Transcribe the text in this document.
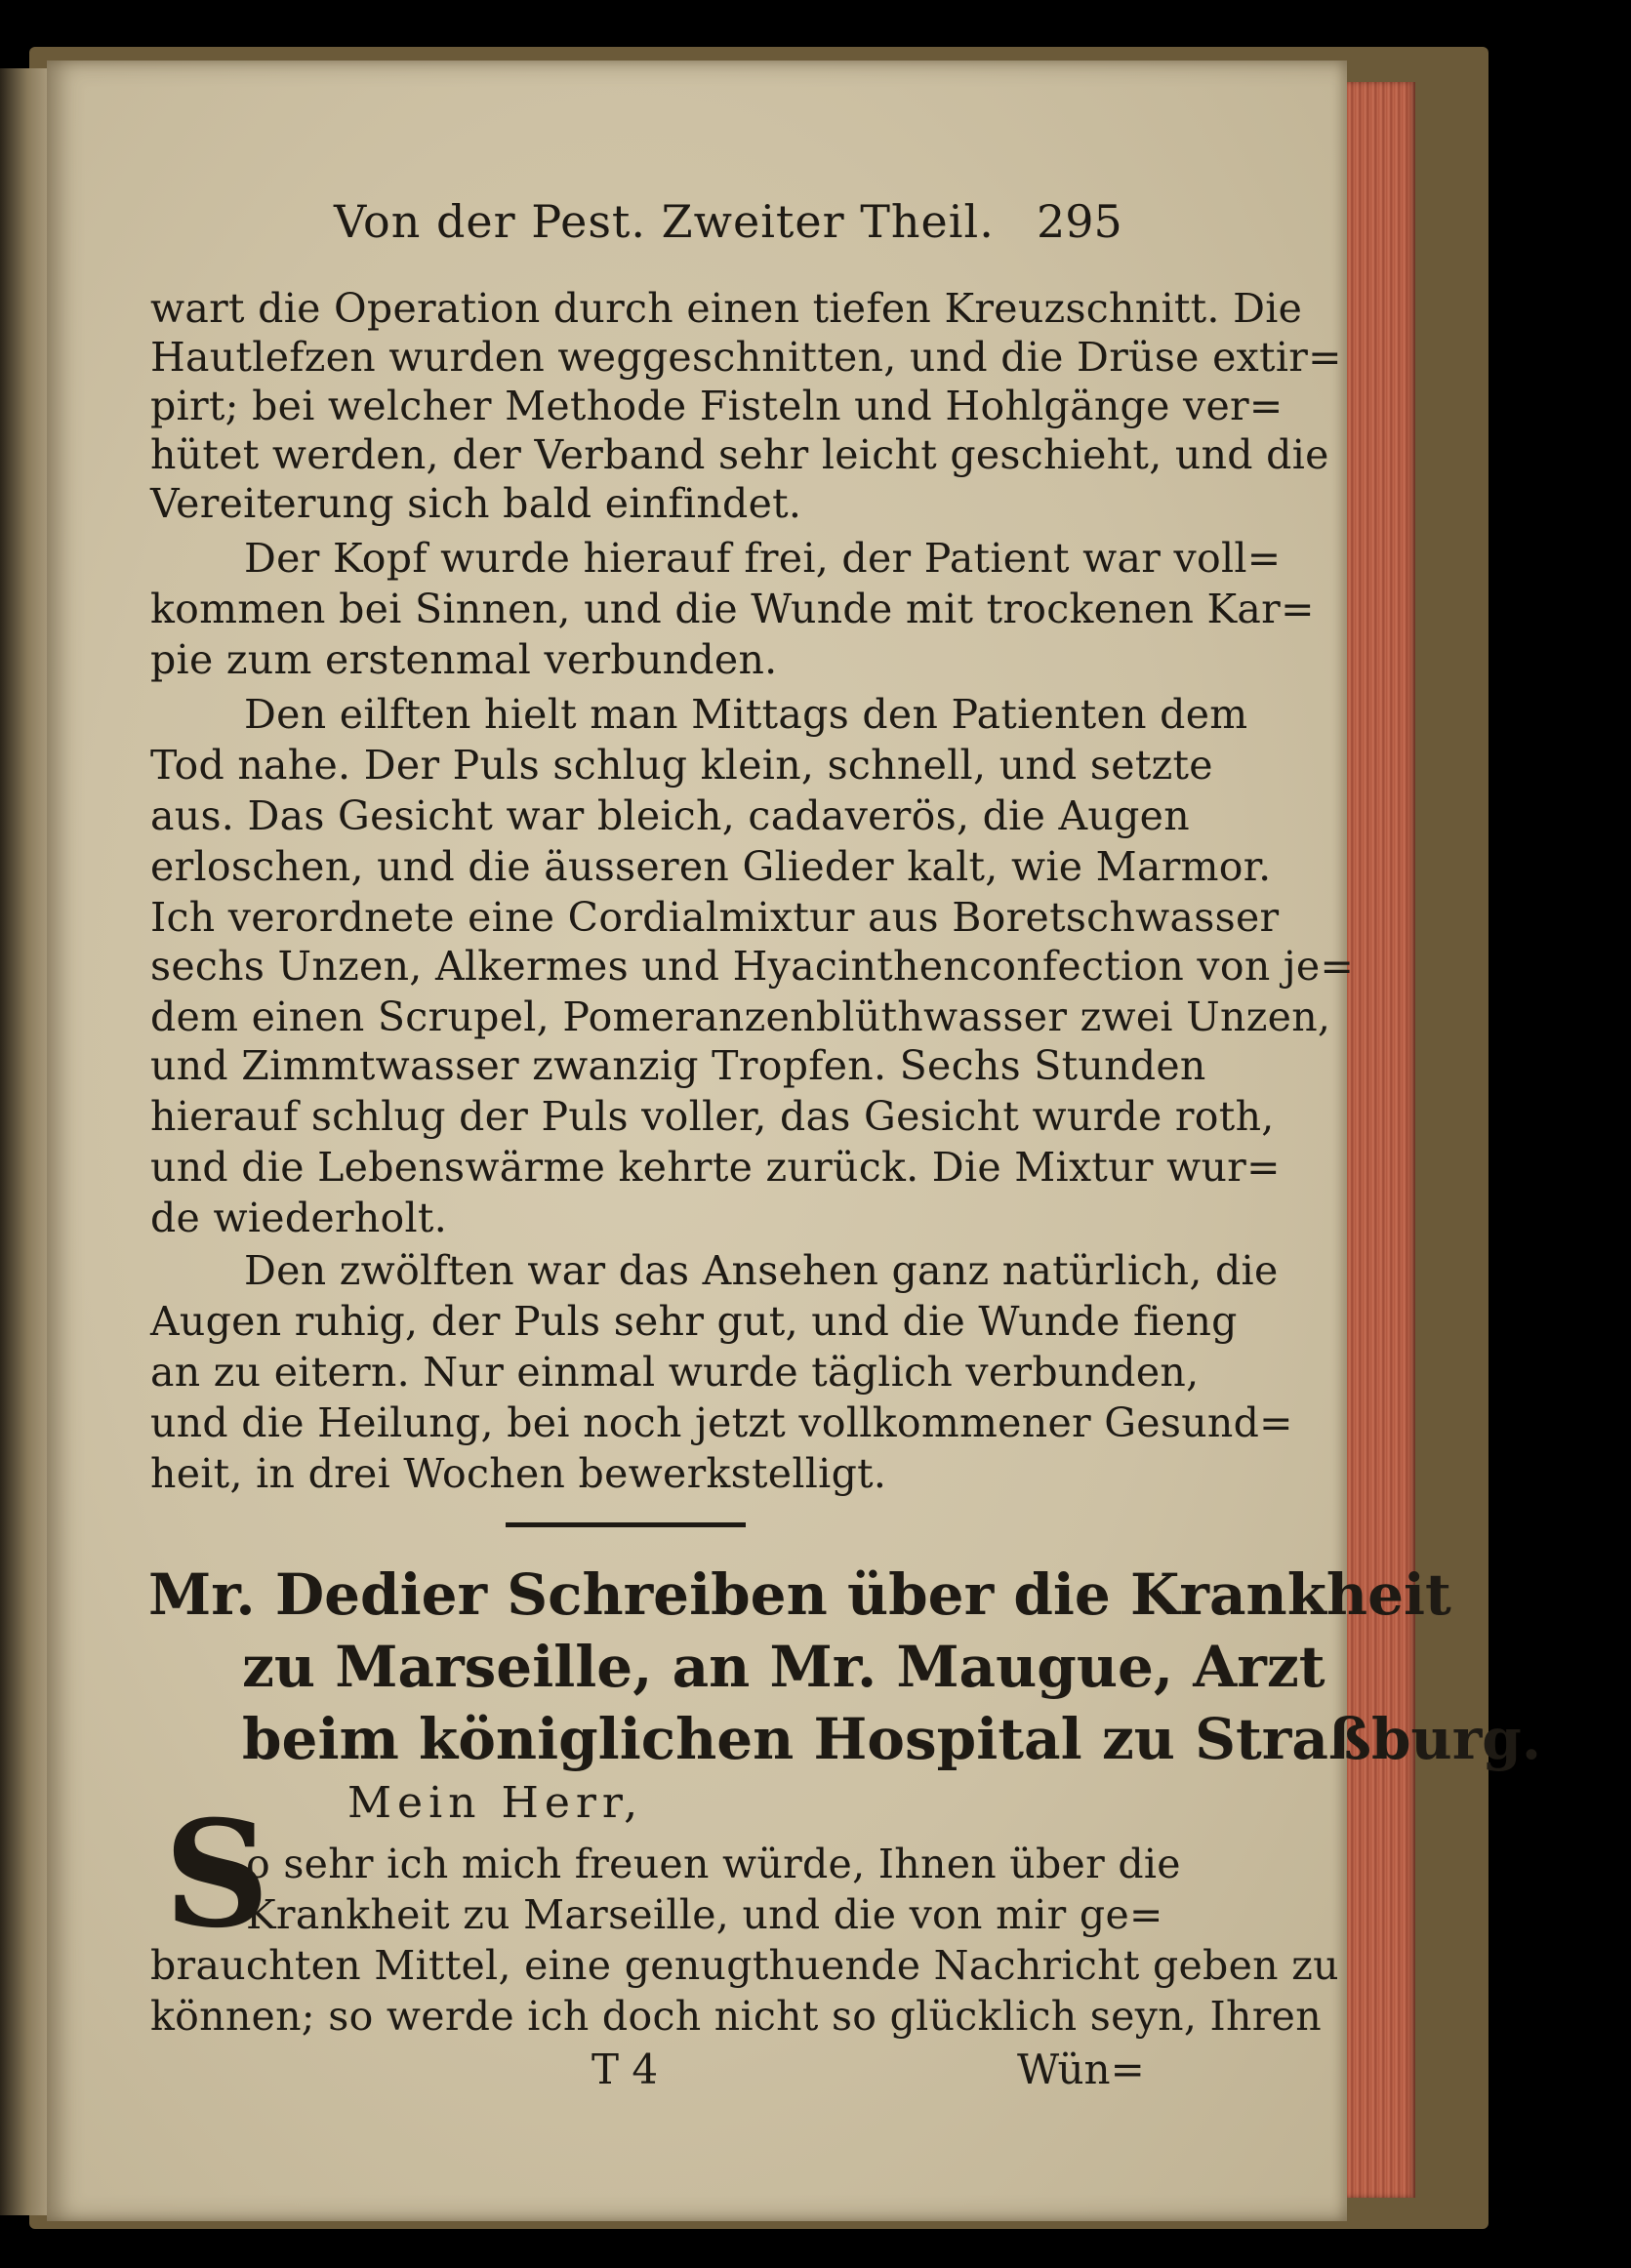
Von der Pest. Zweiter Theil. 295
wart die Operation durch einen tiefen Kreuzschnitt. Die
Hautlefzen wurden weggeschnitten, und die Drüse extir=
pirt; bei welcher Methode Fisteln und Hohlgänge ver=
hütet werden, der Verband sehr leicht geschieht, und die
Vereiterung sich bald einfindet.
Der Kopf wurde hierauf frei, der Patient war voll=
kommen bei Sinnen, und die Wunde mit trockenen Kar=
pie zum erstenmal verbunden.
Den eilften hielt man Mittags den Patienten dem
Tod nahe. Der Puls schlug klein, schnell, und setzte
aus. Das Gesicht war bleich, cadaverös, die Augen
erloschen, und die äusseren Glieder kalt, wie Marmor.
Ich verordnete eine Cordialmixtur aus Boretschwasser
sechs Unzen, Alkermes und Hyacinthenconfection von je=
dem einen Scrupel, Pomeranzenblüthwasser zwei Unzen,
und Zimmtwasser zwanzig Tropfen. Sechs Stunden
hierauf schlug der Puls voller, das Gesicht wurde roth,
und die Lebenswärme kehrte zurück. Die Mixtur wur=
de wiederholt.
Den zwölften war das Ansehen ganz natürlich, die
Augen ruhig, der Puls sehr gut, und die Wunde fieng
an zu eitern. Nur einmal wurde täglich verbunden,
und die Heilung, bei noch jetzt vollkommener Gesund=
heit, in drei Wochen bewerkstelligt.
Mr. Dedier Schreiben über die Krankheit
zu Marseille, an Mr. Maugue, Arzt
beim königlichen Hospital zu Straßburg.
Mein Herr,
S
o sehr ich mich freuen würde, Ihnen über die
Krankheit zu Marseille, und die von mir ge=
brauchten Mittel, eine genugthuende Nachricht geben zu
können; so werde ich doch nicht so glücklich seyn, Ihren
T 4	Wün=
